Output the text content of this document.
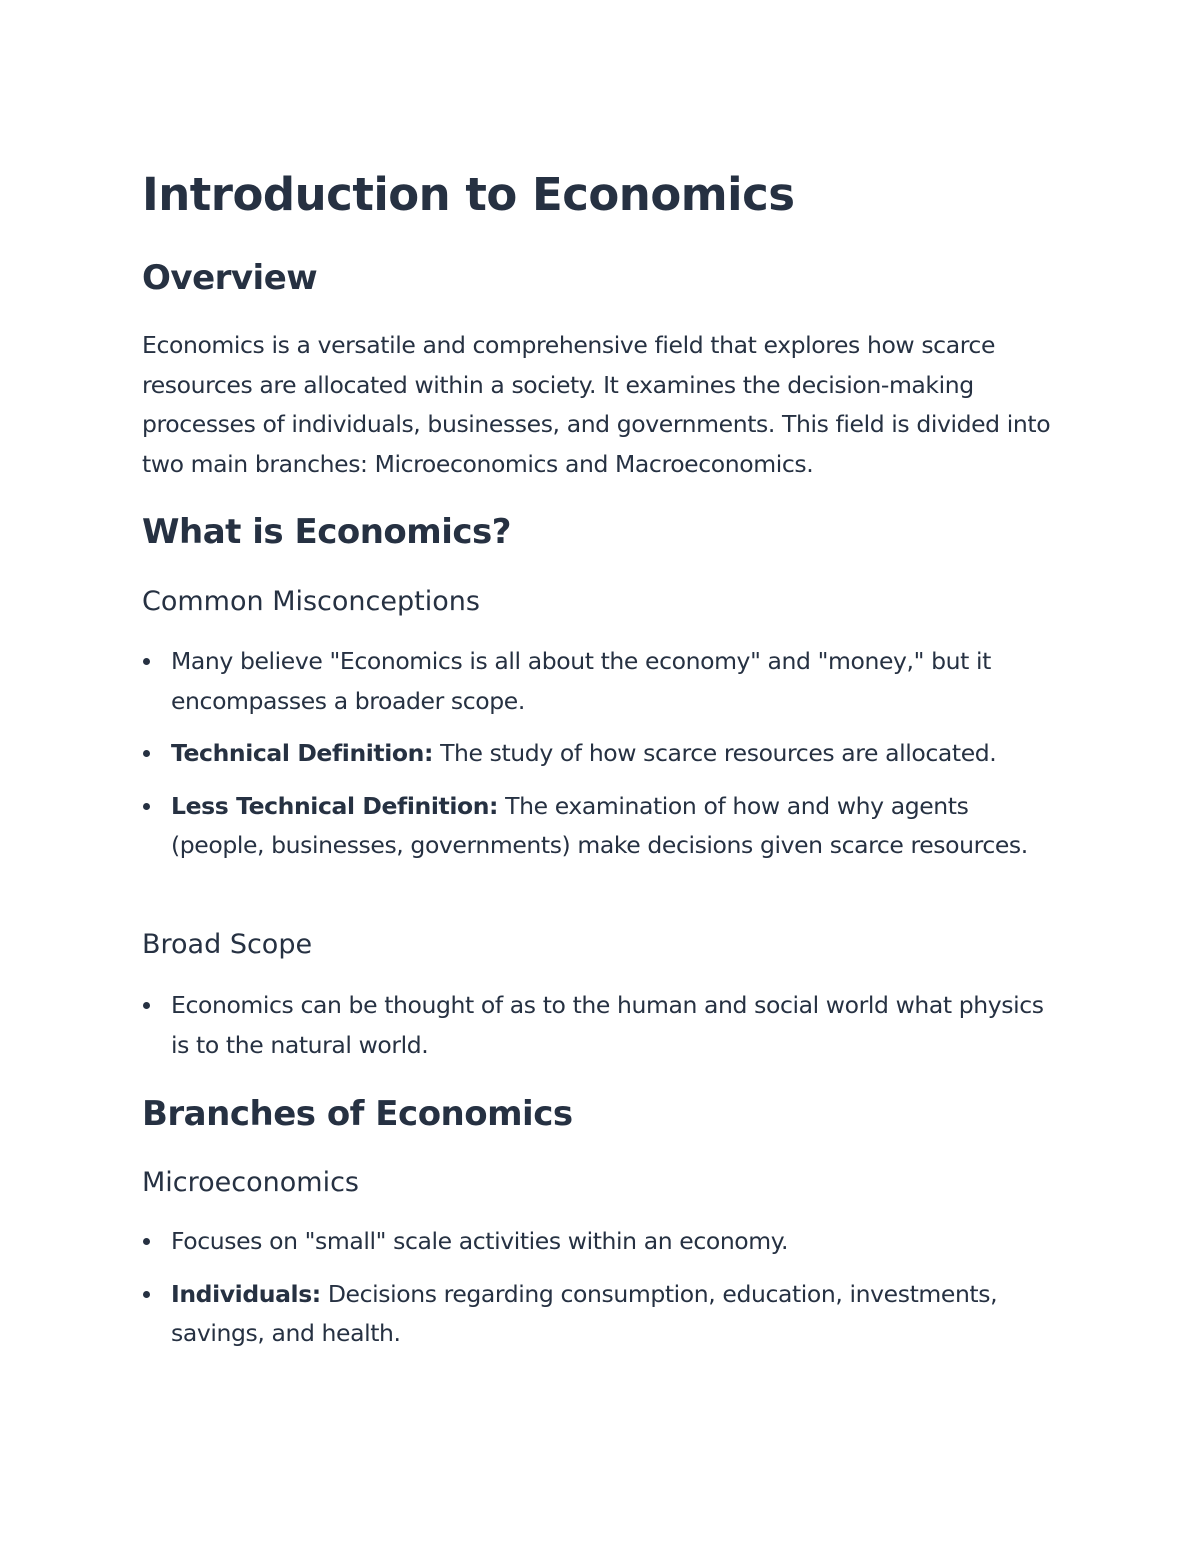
Introduction to Economics
Overview

Economics is a versatile and comprehensive field that explores how scarce resources are allocated within a society. It examines the decision-making processes of individuals, businesses, and governments. This field is divided into two main branches: Microeconomics and Macroeconomics.

What is Economics?
Common Misconceptions
Many believe "Economics is all about the economy" and "money," but it encompasses a broader scope.
Technical Definition: The study of how scarce resources are allocated.
Less Technical Definition: The examination of how and why agents (people, businesses, governments) make decisions given scarce resources.
Broad Scope
Economics can be thought of as to the human and social world what physics is to the natural world.
Branches of Economics
Microeconomics
Focuses on "small" scale activities within an economy.
Individuals: Decisions regarding consumption, education, investments, savings, and health.
